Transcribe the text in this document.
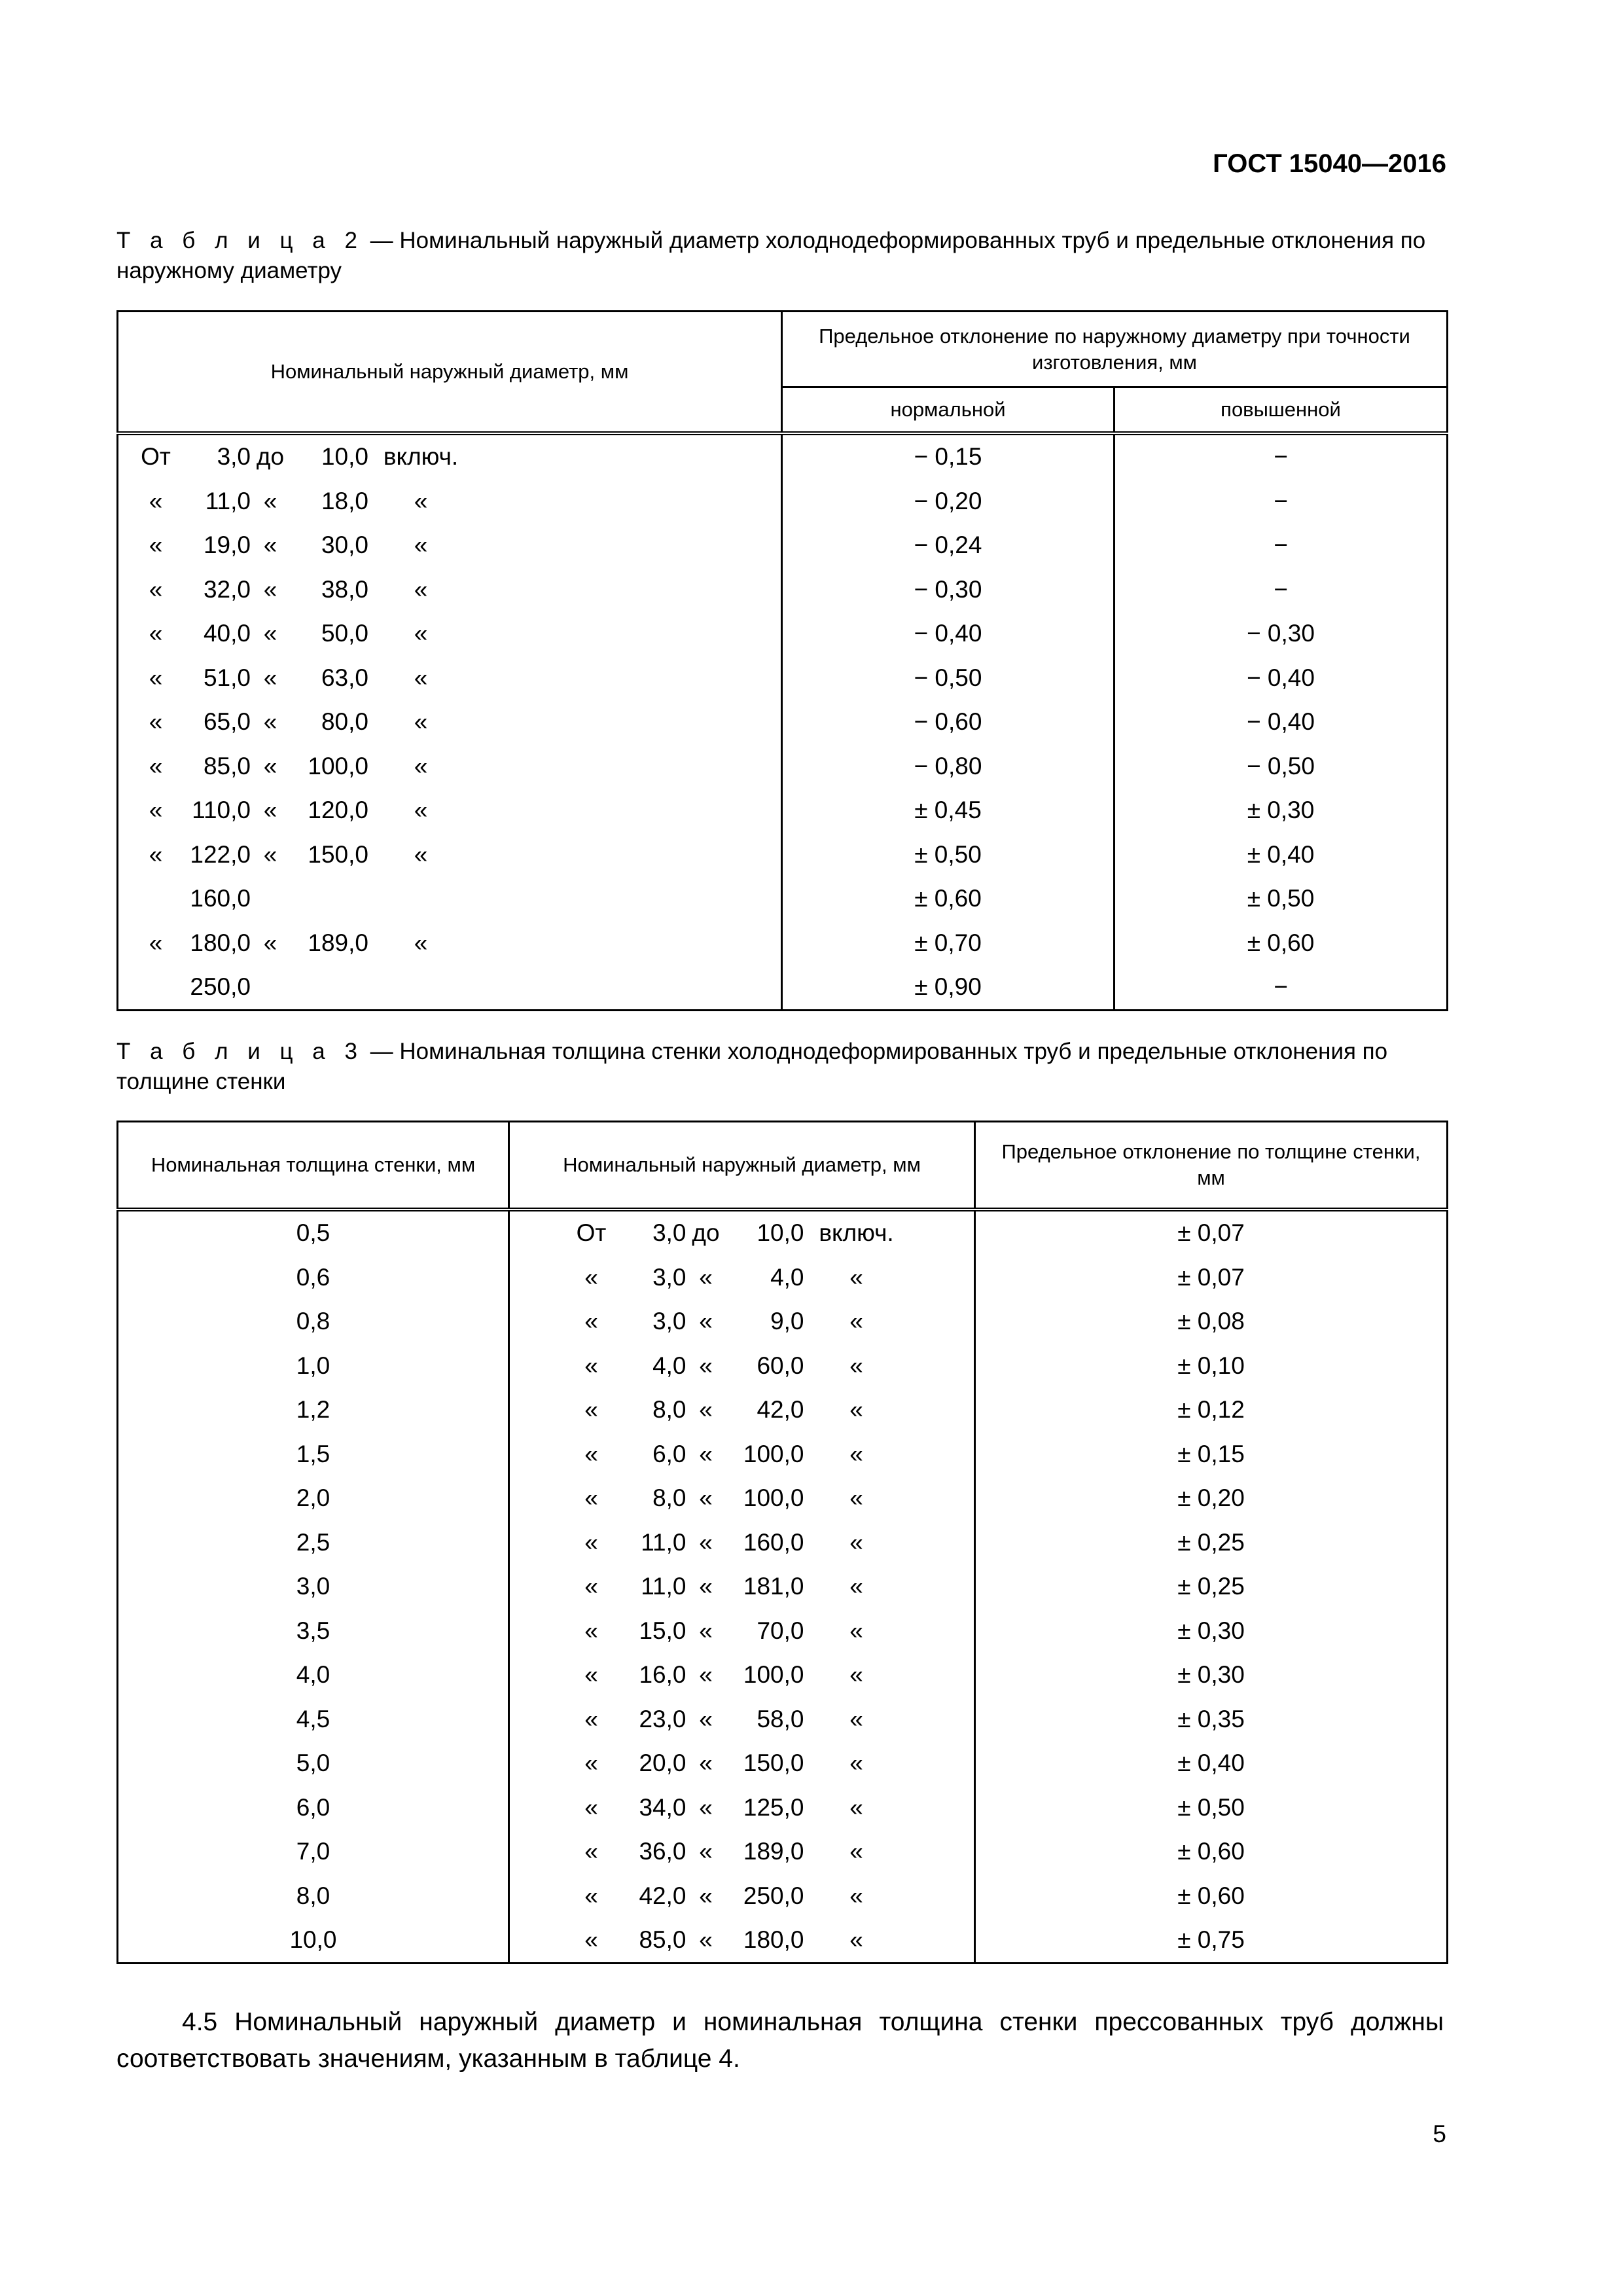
ГОСТ 15040—2016
Т а б л и ц а 2 — Номинальный наружный диаметр холоднодеформированных труб и предельные отклонения по наружному диаметру
Номинальный наружный диаметр, мм	Предельное отклонение по наружному диаметру при точности изготовления, мм	
	нормальной	повышенной
От 3,0 до 10,0 включ.	− 0,15	−
« 11,0 « 18,0 «	− 0,20	−
« 19,0 « 30,0 «	− 0,24	−
« 32,0 « 38,0 «	− 0,30	−
« 40,0 « 50,0 «	− 0,40	− 0,30
« 51,0 « 63,0 «	− 0,50	− 0,40
« 65,0 « 80,0 «	− 0,60	− 0,40
« 85,0 « 100,0 «	− 0,80	− 0,50
« 110,0 « 120,0 «	± 0,45	± 0,30
« 122,0 « 150,0 «	± 0,50	± 0,40
160,0	± 0,60	± 0,50
« 180,0 « 189,0 «	± 0,70	± 0,60
250,0	± 0,90	−
Т а б л и ц а 3 — Номинальная толщина стенки холоднодеформированных труб и предельные отклонения по толщине стенки
Номинальная толщина стенки, мм	Номинальный наружный диаметр, мм	Предельное отклонение по толщине стенки, мм
0,5	От 3,0 до 10,0 включ.	± 0,07
0,6	« 3,0 « 4,0 «	± 0,07
0,8	« 3,0 « 9,0 «	± 0,08
1,0	« 4,0 « 60,0 «	± 0,10
1,2	« 8,0 « 42,0 «	± 0,12
1,5	« 6,0 « 100,0 «	± 0,15
2,0	« 8,0 « 100,0 «	± 0,20
2,5	« 11,0 « 160,0 «	± 0,25
3,0	« 11,0 « 181,0 «	± 0,25
3,5	« 15,0 « 70,0 «	± 0,30
4,0	« 16,0 « 100,0 «	± 0,30
4,5	« 23,0 « 58,0 «	± 0,35
5,0	« 20,0 « 150,0 «	± 0,40
6,0	« 34,0 « 125,0 «	± 0,50
7,0	« 36,0 « 189,0 «	± 0,60
8,0	« 42,0 « 250,0 «	± 0,60
10,0	« 85,0 « 180,0 «	± 0,75
4.5 Номинальный наружный диаметр и номинальная толщина стенки прессованных труб должны соответствовать значениям, указанным в таблице 4.
5
